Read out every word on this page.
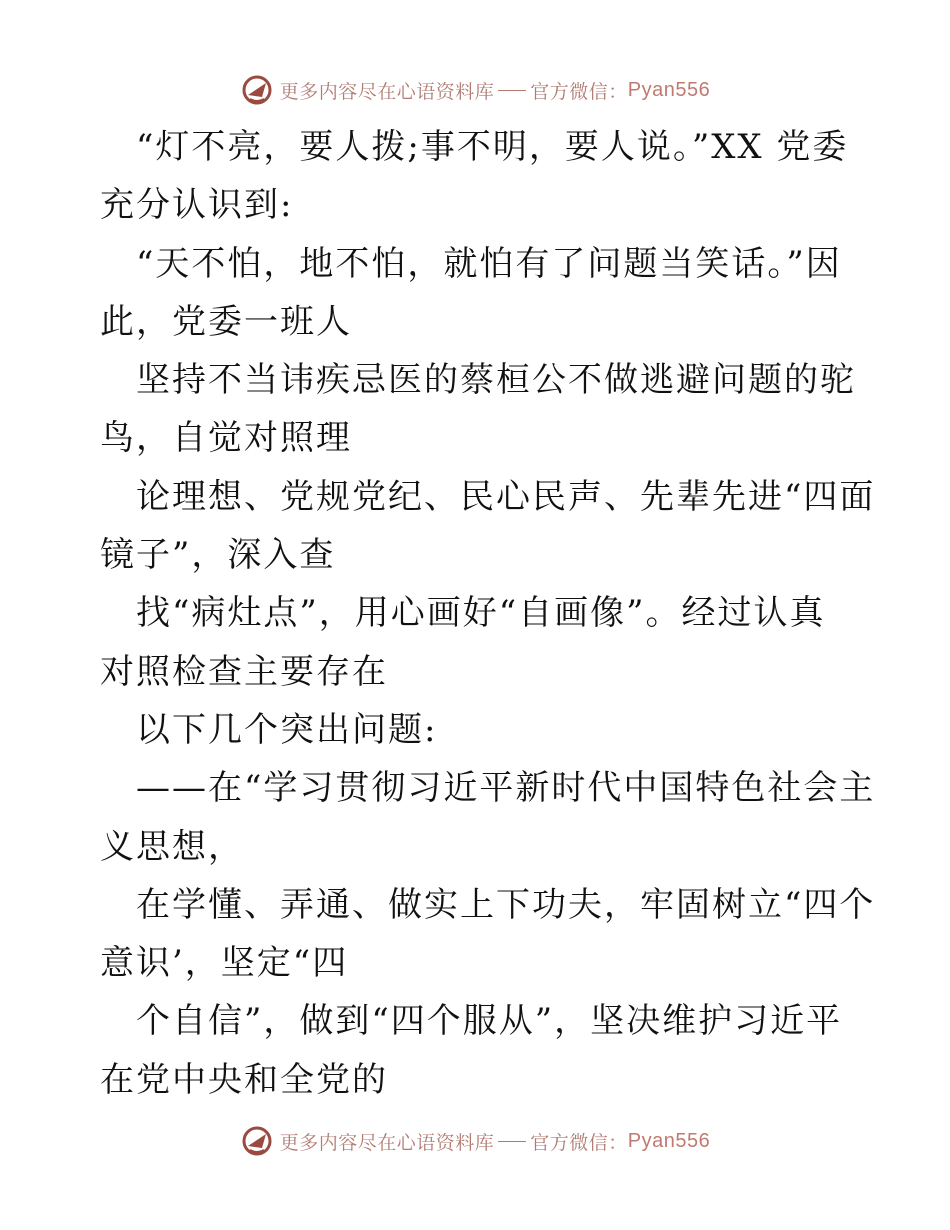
更多内容尽在心语资料库 官方微信： Pyan556
“灯不亮，要人拨;事不明，要人说。”XX 党委
充分认识到:
“天不怕，地不怕，就怕有了问题当笑话。”因
此，党委一班人
坚持不当讳疾忌医的蔡桓公不做逃避问题的驼
鸟，自觉对照理
论理想、党规党纪、民心民声、先辈先进“四面
镜子”，深入查
找“病灶点”，用心画好“自画像”。经过认真
对照检查主要存在
以下几个突出问题:
——在“学习贯彻习近平新时代中国特色社会主
义思想，
在学懂、弄通、做实上下功夫，牢固树立“四个
意识’，坚定“四
个自信”，做到“四个服从”，坚决维护习近平
在党中央和全党的
更多内容尽在心语资料库 官方微信： Pyan556
